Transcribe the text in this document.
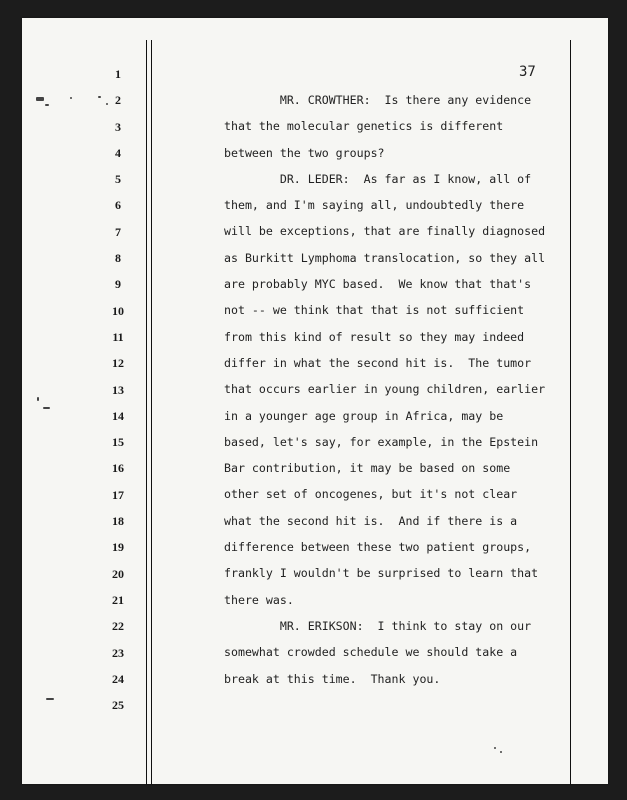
37
1
2
3
4
5
6
7
8
9
10
11
12
13
14
15
16
17
18
19
20
21
22
23
24
25
MR. CROWTHER:  Is there any evidence
that the molecular genetics is different
between the two groups?
DR. LEDER:  As far as I know, all of
them, and I'm saying all, undoubtedly there
will be exceptions, that are finally diagnosed
as Burkitt Lymphoma translocation, so they all
are probably MYC based.  We know that that's
not -- we think that that is not sufficient
from this kind of result so they may indeed
differ in what the second hit is.  The tumor
that occurs earlier in young children, earlier
in a younger age group in Africa, may be
based, let's say, for example, in the Epstein
Bar contribution, it may be based on some
other set of oncogenes, but it's not clear
what the second hit is.  And if there is a
difference between these two patient groups,
frankly I wouldn't be surprised to learn that
there was.
MR. ERIKSON:  I think to stay on our
somewhat crowded schedule we should take a
break at this time.  Thank you.
